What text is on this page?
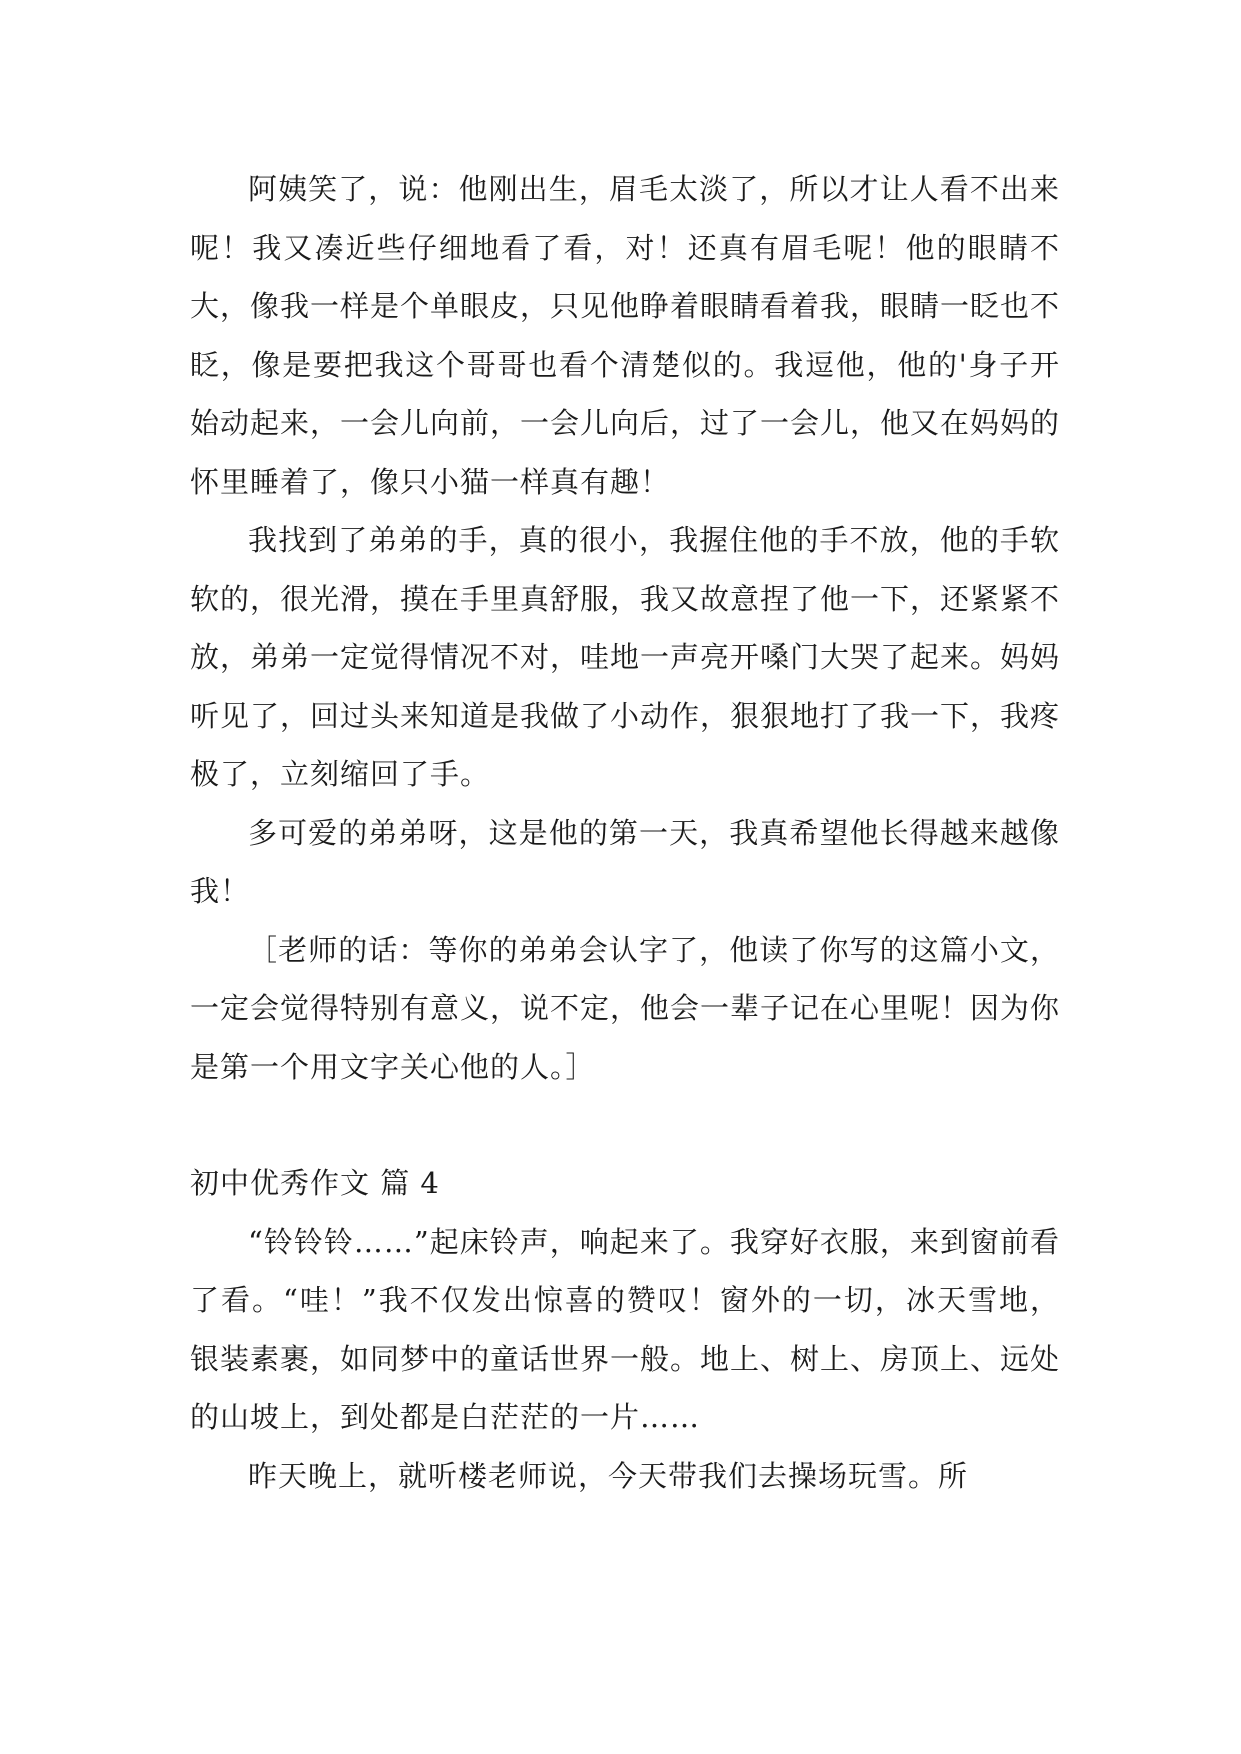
阿姨笑了，说：他刚出生，眉毛太淡了，所以才让人看不出来呢！我又凑近些仔细地看了看，对！还真有眉毛呢！他的眼睛不大，像我一样是个单眼皮，只见他睁着眼睛看着我，眼睛一眨也不眨，像是要把我这个哥哥也看个清楚似的。我逗他，他的'身子开始动起来，一会儿向前，一会儿向后，过了一会儿，他又在妈妈的怀里睡着了，像只小猫一样真有趣！

我找到了弟弟的手，真的很小，我握住他的手不放，他的手软软的，很光滑，摸在手里真舒服，我又故意捏了他一下，还紧紧不放，弟弟一定觉得情况不对，哇地一声亮开嗓门大哭了起来。妈妈听见了，回过头来知道是我做了小动作，狠狠地打了我一下，我疼极了，立刻缩回了手。

多可爱的弟弟呀，这是他的第一天，我真希望他长得越来越像我！

［老师的话：等你的弟弟会认字了，他读了你写的这篇小文，一定会觉得特别有意义，说不定，他会一辈子记在心里呢！因为你是第一个用文字关心他的人。］

初中优秀作文 篇 4

“铃铃铃……”起床铃声，响起来了。我穿好衣服，来到窗前看了看。“哇！”我不仅发出惊喜的赞叹！窗外的一切，冰天雪地，银装素裹，如同梦中的童话世界一般。地上、树上、房顶上、远处的山坡上，到处都是白茫茫的一片……

昨天晚上，就听楼老师说，今天带我们去操场玩雪。所
